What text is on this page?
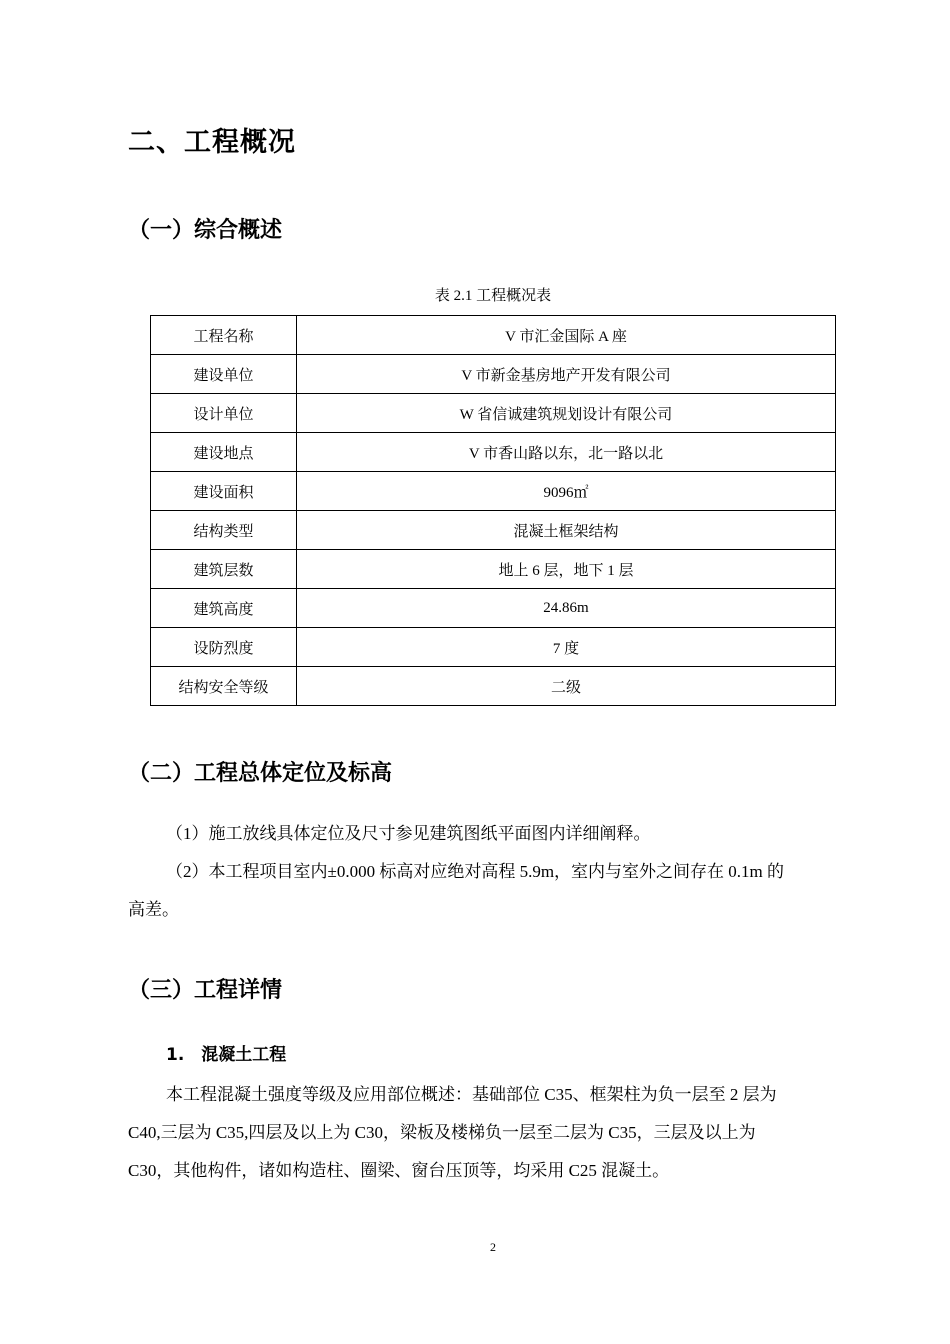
二、工程概况
（一）综合概述
表 2.1 工程概况表
工程名称	V 市汇金国际 A 座
建设单位	V 市新金基房地产开发有限公司
设计单位	W 省信诚建筑规划设计有限公司
建设地点	V 市香山路以东，北一路以北
建设面积	9096㎡
结构类型	混凝土框架结构
建筑层数	地上 6 层，地下 1 层
建筑高度	24.86m
设防烈度	7 度
结构安全等级	二级
（二）工程总体定位及标高
（1）施工放线具体定位及尺寸参见建筑图纸平面图内详细阐释。
（2）本工程项目室内±0.000 标高对应绝对高程 5.9m，室内与室外之间存在 0.1m 的
高差。
（三）工程详情
1.　混凝土工程
本工程混凝土强度等级及应用部位概述：基础部位 C35、框架柱为负一层至 2 层为
C40,三层为 C35,四层及以上为 C30，梁板及楼梯负一层至二层为 C35，三层及以上为
C30，其他构件，诸如构造柱、圈梁、窗台压顶等，均采用 C25 混凝土。
2
